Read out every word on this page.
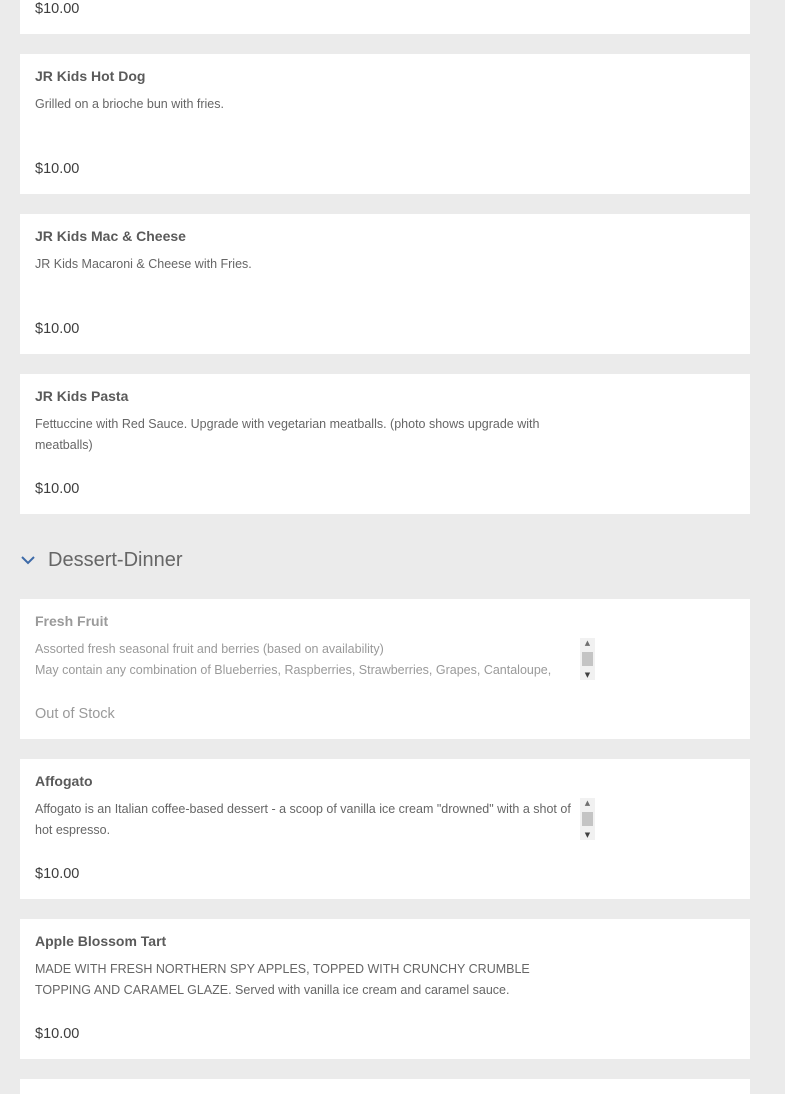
$10.00
JR Kids Hot Dog
Grilled on a brioche bun with fries.
$10.00
JR Kids Mac & Cheese
JR Kids Macaroni & Cheese with Fries.
$10.00
JR Kids Pasta
Fettuccine with Red Sauce. Upgrade with vegetarian meatballs. (photo shows upgrade with meatballs)
$10.00
Dessert-Dinner
Fresh Fruit
Assorted fresh seasonal fruit and berries (based on availability)
May contain any combination of Blueberries, Raspberries, Strawberries, Grapes, Cantaloupe,
▲
▼
Out of Stock
Affogato
Affogato is an Italian coffee-based dessert - a scoop of vanilla ice cream "drowned" with a shot of hot espresso.
▲
▼
$10.00
Apple Blossom Tart
MADE WITH FRESH NORTHERN SPY APPLES, TOPPED WITH CRUNCHY CRUMBLE TOPPING AND CARAMEL GLAZE. Served with vanilla ice cream and caramel sauce.
$10.00
